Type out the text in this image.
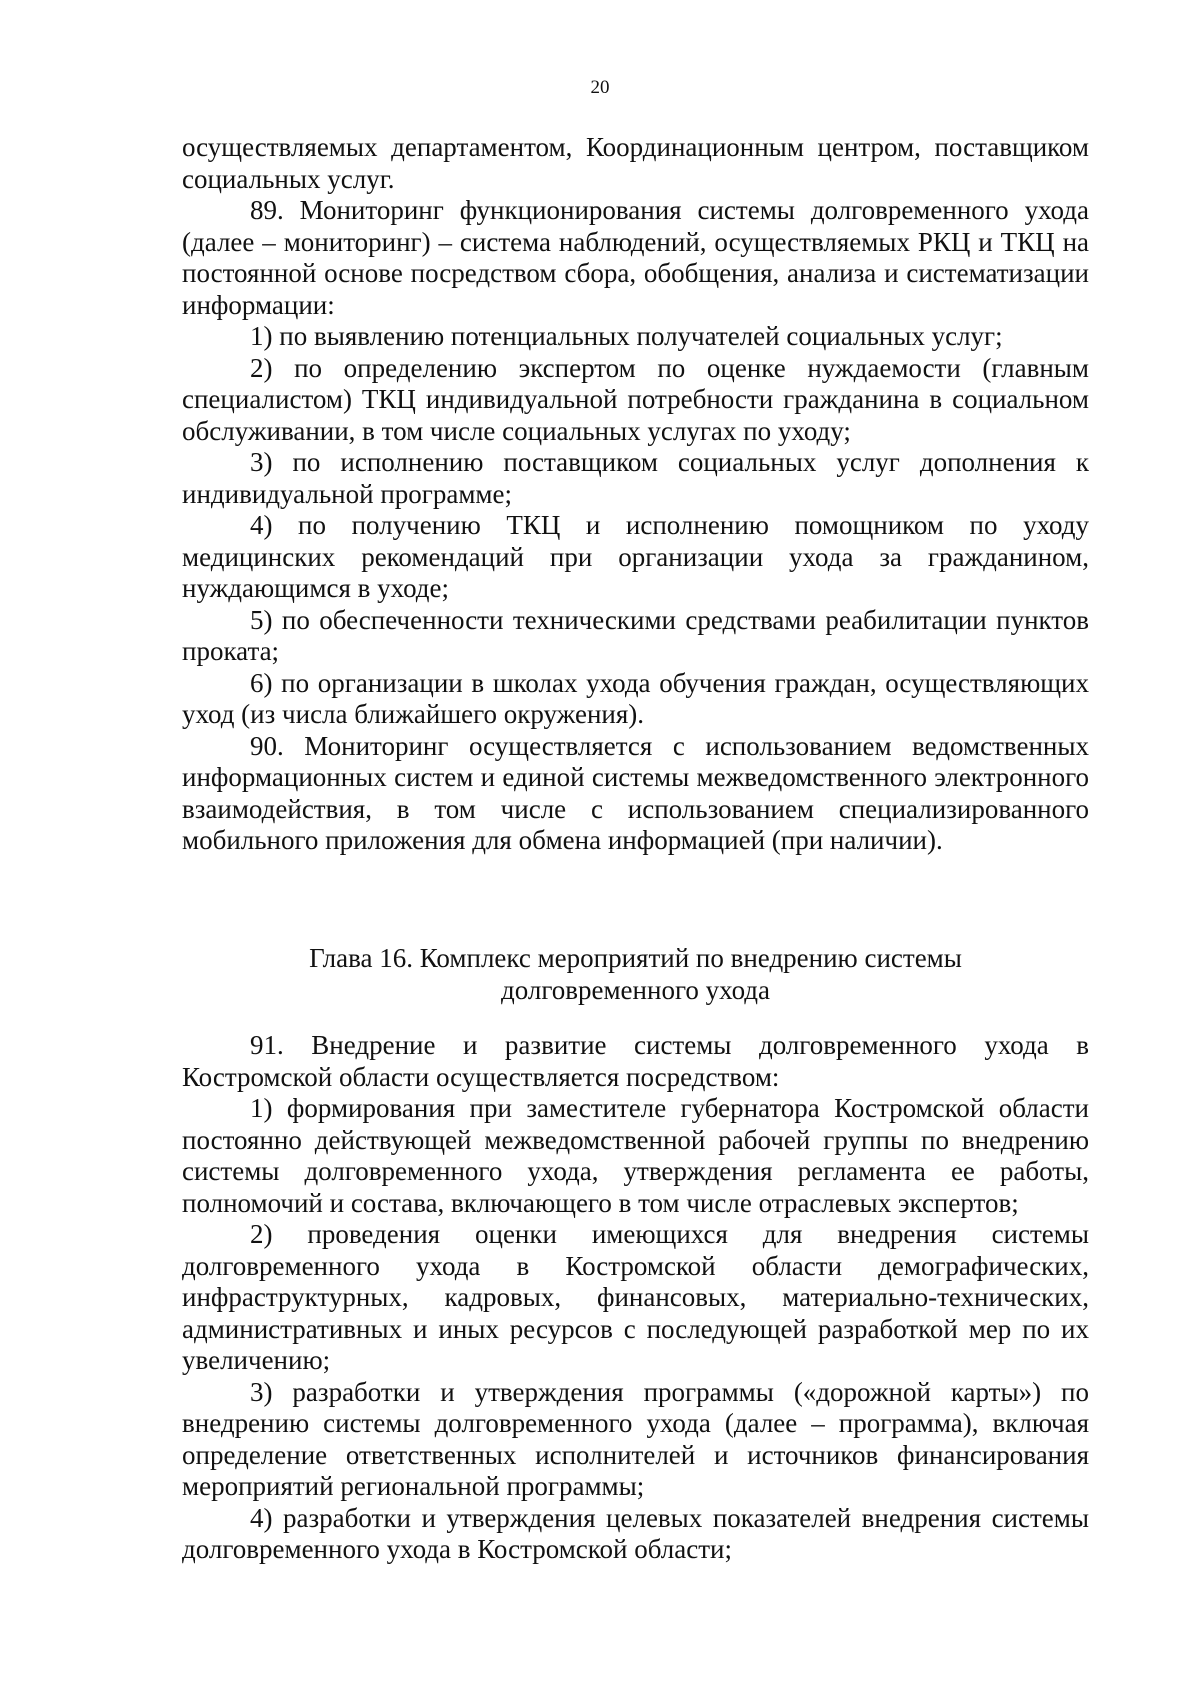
20

осуществляемых департаментом, Координационным центром, поставщиком социальных услуг.

89. Мониторинг функционирования системы долговременного ухода (далее – мониторинг) – система наблюдений, осуществляемых РКЦ и ТКЦ на постоянной основе посредством сбора, обобщения, анализа и систематизации информации:

1) по выявлению потенциальных получателей социальных услуг;

2) по определению экспертом по оценке нуждаемости (главным специалистом) ТКЦ индивидуальной потребности гражданина в социальном обслуживании, в том числе социальных услугах по уходу;

3) по исполнению поставщиком социальных услуг дополнения к индивидуальной программе;

4) по получению ТКЦ и исполнению помощником по уходу медицинских рекомендаций при организации ухода за гражданином, нуждающимся в уходе;

5) по обеспеченности техническими средствами реабилитации пунктов проката;

6) по организации в школах ухода обучения граждан, осуществляющих уход (из числа ближайшего окружения).

90. Мониторинг осуществляется с использованием ведомственных информационных систем и единой системы межведомственного электронного взаимодействия, в том числе с использованием специализированного мобильного приложения для обмена информацией (при наличии).

Глава 16. Комплекс мероприятий по внедрению системы
долговременного ухода

91. Внедрение и развитие системы долговременного ухода в Костромской области осуществляется посредством:

1) формирования при заместителе губернатора Костромской области постоянно действующей межведомственной рабочей группы по внедрению системы долговременного ухода, утверждения регламента ее работы, полномочий и состава, включающего в том числе отраслевых экспертов;

2) проведения оценки имеющихся для внедрения системы долговременного ухода в Костромской области демографических, инфраструктурных, кадровых, финансовых, материально-технических, административных и иных ресурсов с последующей разработкой мер по их увеличению;

3) разработки и утверждения программы («дорожной карты») по внедрению системы долговременного ухода (далее – программа), включая определение ответственных исполнителей и источников финансирования мероприятий региональной программы;

4) разработки и утверждения целевых показателей внедрения системы долговременного ухода в Костромской области;
